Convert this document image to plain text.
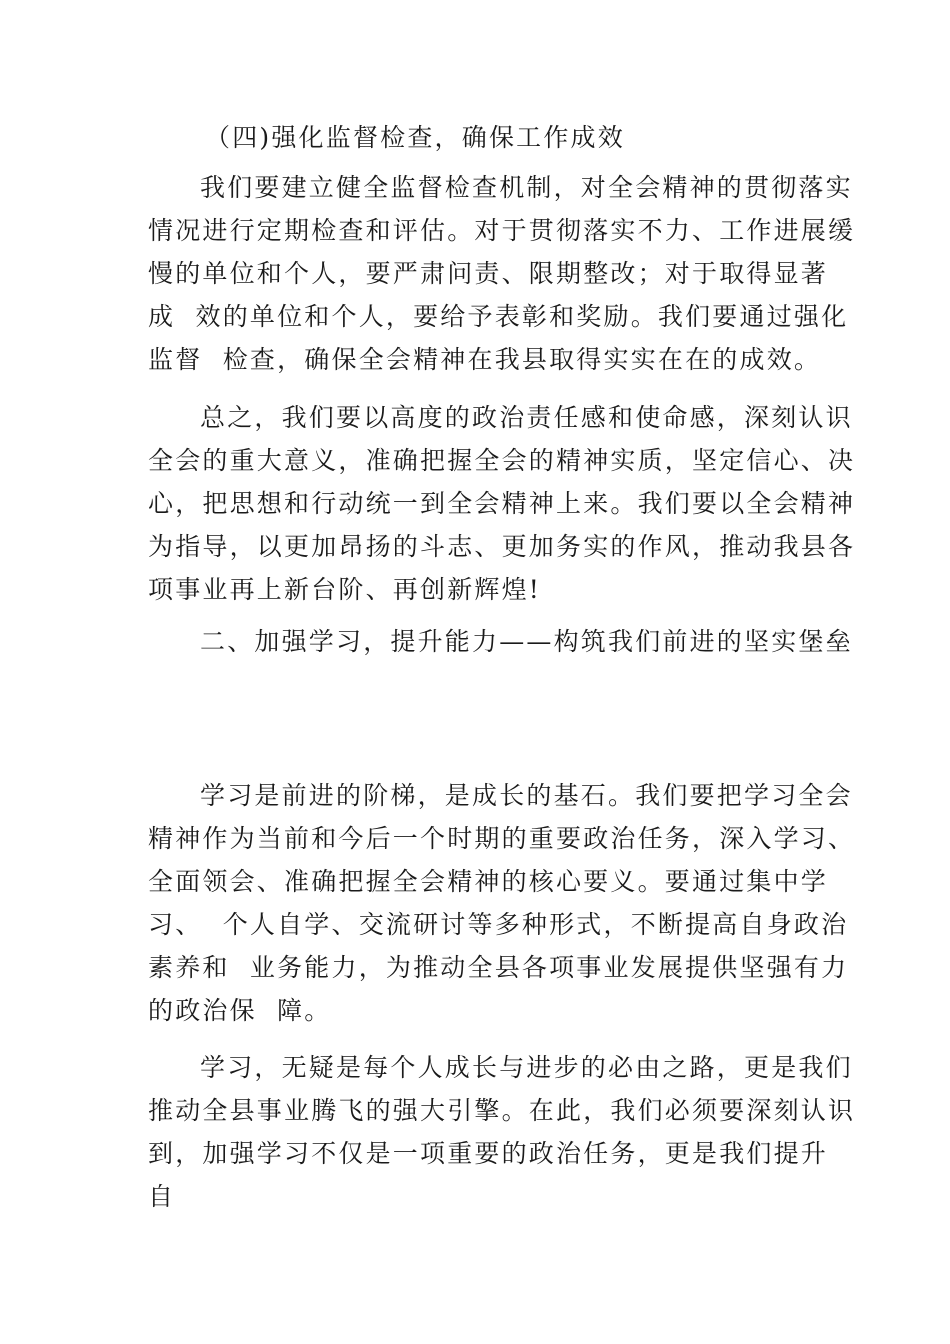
（四)强化监督检查，确保工作成效
我们要建立健全监督检查机制，对全会精神的贯彻落实
情况进行定期检查和评估。对于贯彻落实不力、工作进展缓
慢的单位和个人，要严肃问责、限期整改；对于取得显著
成  效的单位和个人，要给予表彰和奖励。我们要通过强化
监督  检查，确保全会精神在我县取得实实在在的成效。
总之，我们要以高度的政治责任感和使命感，深刻认识
全会的重大意义，准确把握全会的精神实质，坚定信心、决
心，把思想和行动统一到全会精神上来。我们要以全会精神
为指导，以更加昂扬的斗志、更加务实的作风，推动我县各
项事业再上新台阶、再创新辉煌!
二、加强学习，提升能力——构筑我们前进的坚实堡垒
学习是前进的阶梯，是成长的基石。我们要把学习全会
精神作为当前和今后一个时期的重要政治任务，深入学习、
全面领会、准确把握全会精神的核心要义。要通过集中学
习、  个人自学、交流研讨等多种形式，不断提高自身政治
素养和  业务能力，为推动全县各项事业发展提供坚强有力
的政治保  障。
学习，无疑是每个人成长与进步的必由之路，更是我们
推动全县事业腾飞的强大引擎。在此，我们必须要深刻认识
到，加强学习不仅是一项重要的政治任务，更是我们提升
自
